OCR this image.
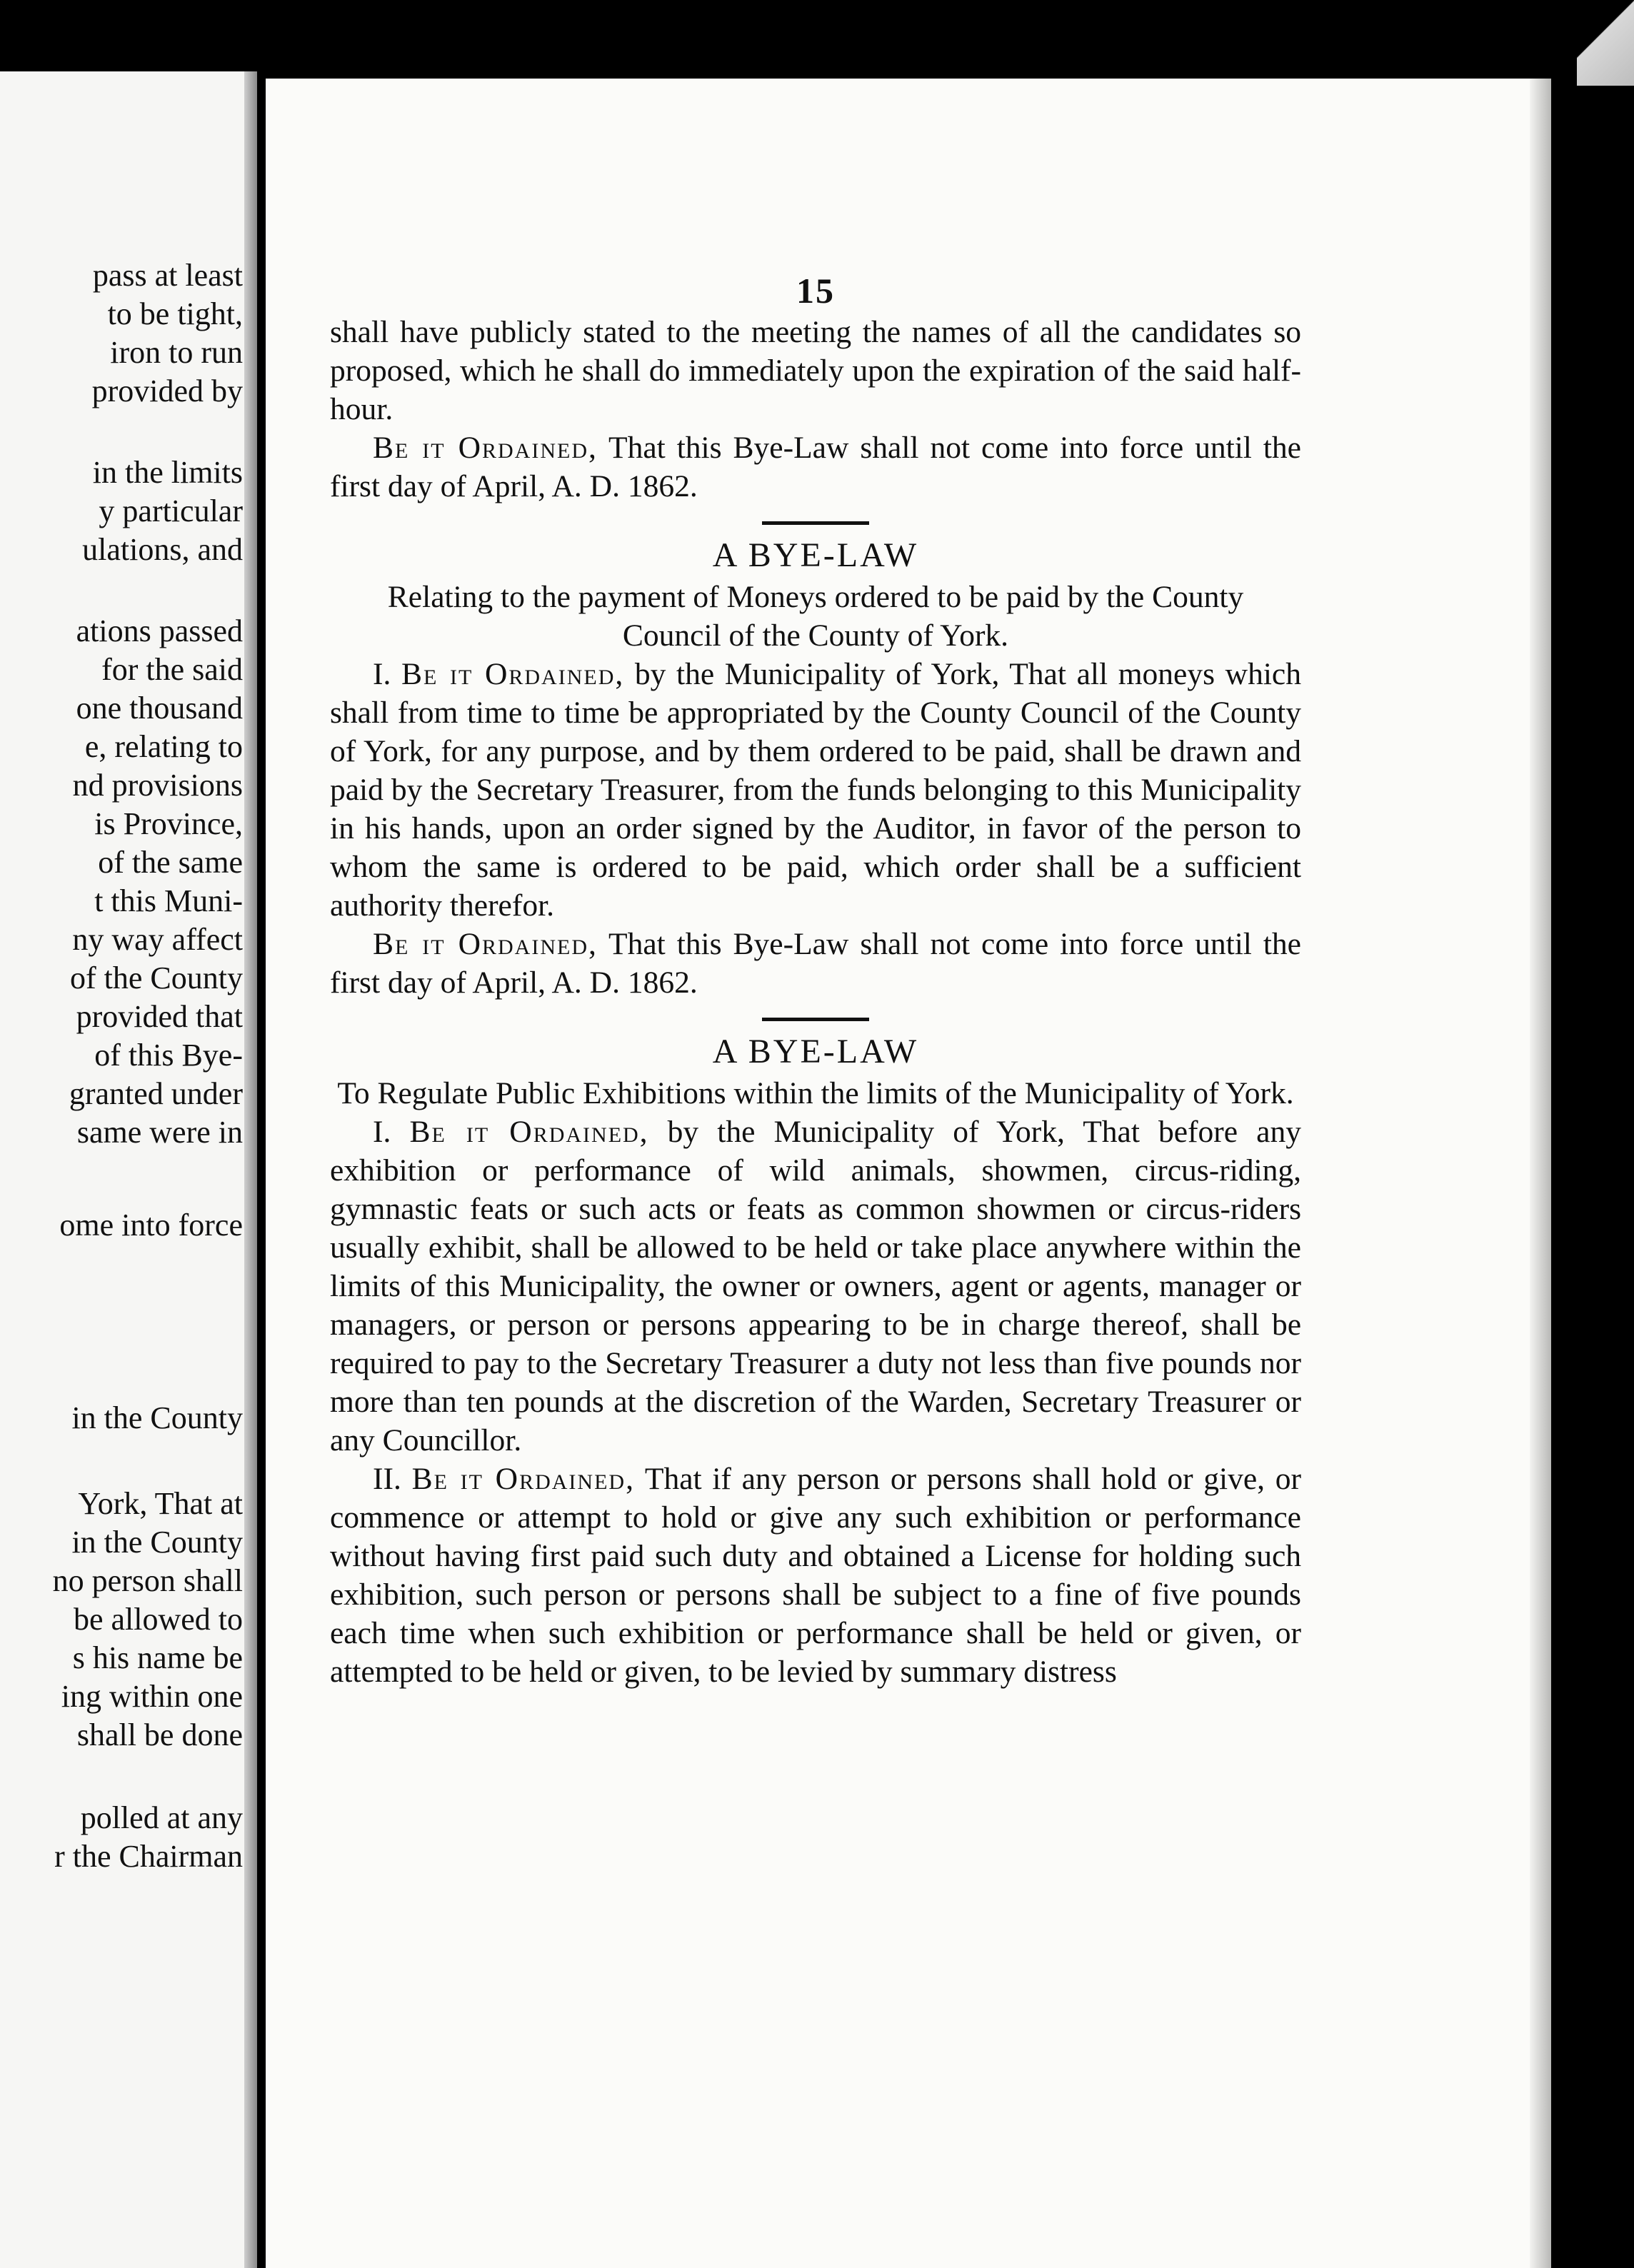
pass at least
to be tight,
iron to run
provided by
in the limits
y particular
ulations, and
ations passed
for the said
one thousand
e, relating to
nd provisions
is Province,
of the same
t this Muni-
ny way affect
of the County
provided that
of this Bye-
granted under
same were in
ome into force
in the County
York, That at
in the County
no person shall
be allowed to
s his name be
ing within one
shall be done
polled at any
r the Chairman
15

shall have publicly stated to the meeting the names of all the candidates so proposed, which he shall do immediately upon the expiration of the said half-hour.

Be it Ordained, That this Bye-Law shall not come into force until the first day of April, A. D. 1862.

A BYE-LAW
Relating to the payment of Moneys ordered to be paid by the County Council of the County of York.

I. Be it Ordained, by the Municipality of York, That all moneys which shall from time to time be appropriated by the County Council of the County of York, for any purpose, and by them ordered to be paid, shall be drawn and paid by the Secretary Treasurer, from the funds belonging to this Municipality in his hands, upon an order signed by the Auditor, in favor of the person to whom the same is ordered to be paid, which order shall be a sufficient authority therefor.

Be it Ordained, That this Bye-Law shall not come into force until the first day of April, A. D. 1862.

A BYE-LAW
To Regulate Public Exhibitions within the limits of the Municipality of York.

I. Be it Ordained, by the Municipality of York, That before any exhibition or performance of wild animals, showmen, circus-riding, gymnastic feats or such acts or feats as common showmen or circus-riders usually exhibit, shall be allowed to be held or take place anywhere within the limits of this Municipality, the owner or owners, agent or agents, manager or managers, or person or persons appearing to be in charge thereof, shall be required to pay to the Secretary Treasurer a duty not less than five pounds nor more than ten pounds at the discretion of the Warden, Secretary Treasurer or any Councillor.

II. Be it Ordained, That if any person or persons shall hold or give, or commence or attempt to hold or give any such exhibition or performance without having first paid such duty and obtained a License for holding such exhibition, such person or persons shall be subject to a fine of five pounds each time when such exhibition or performance shall be held or given, or attempted to be held or given, to be levied by summary distress
